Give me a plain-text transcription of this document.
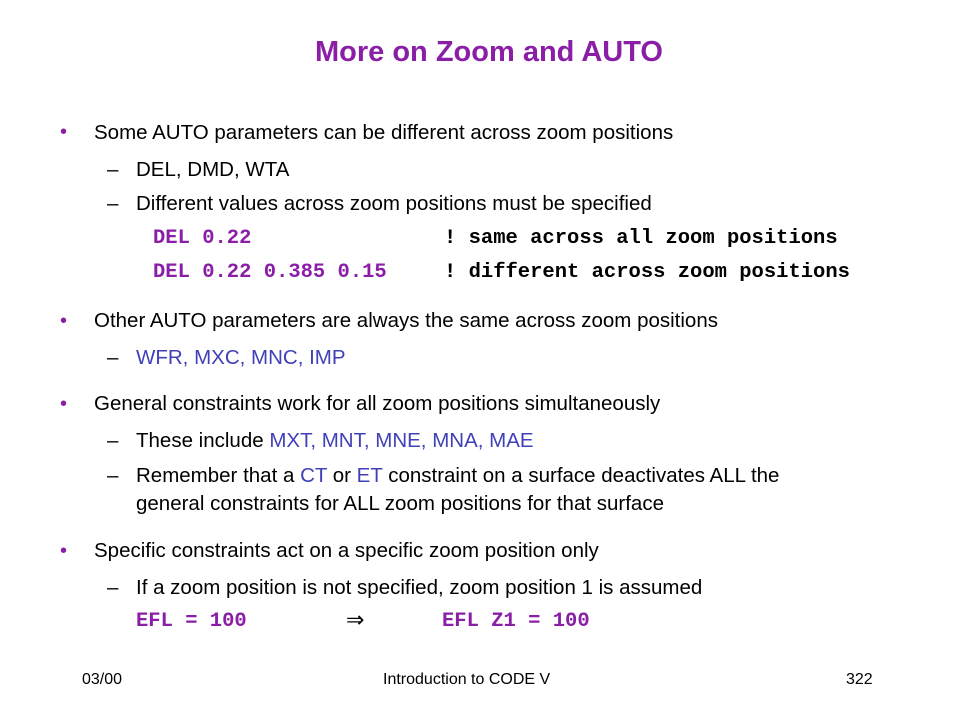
More on Zoom and AUTO
• Some AUTO parameters can be different across zoom positions
– DEL, DMD, WTA
– Different values across zoom positions must be specified
DEL 0.22	! same across all zoom positions
DEL 0.22 0.385 0.15	! different across zoom positions
• Other AUTO parameters are always the same across zoom positions
– WFR, MXC, MNC, IMP
• General constraints work for all zoom positions simultaneously
– These include MXT, MNT, MNE, MNA, MAE
– Remember that a CT or ET constraint on a surface deactivates ALL the
general constraints for ALL zoom positions for that surface
• Specific constraints act on a specific zoom position only
– If a zoom position is not specified, zoom position 1 is assumed
EFL = 100	⇒	EFL Z1 = 100
03/00	Introduction to CODE V	322
